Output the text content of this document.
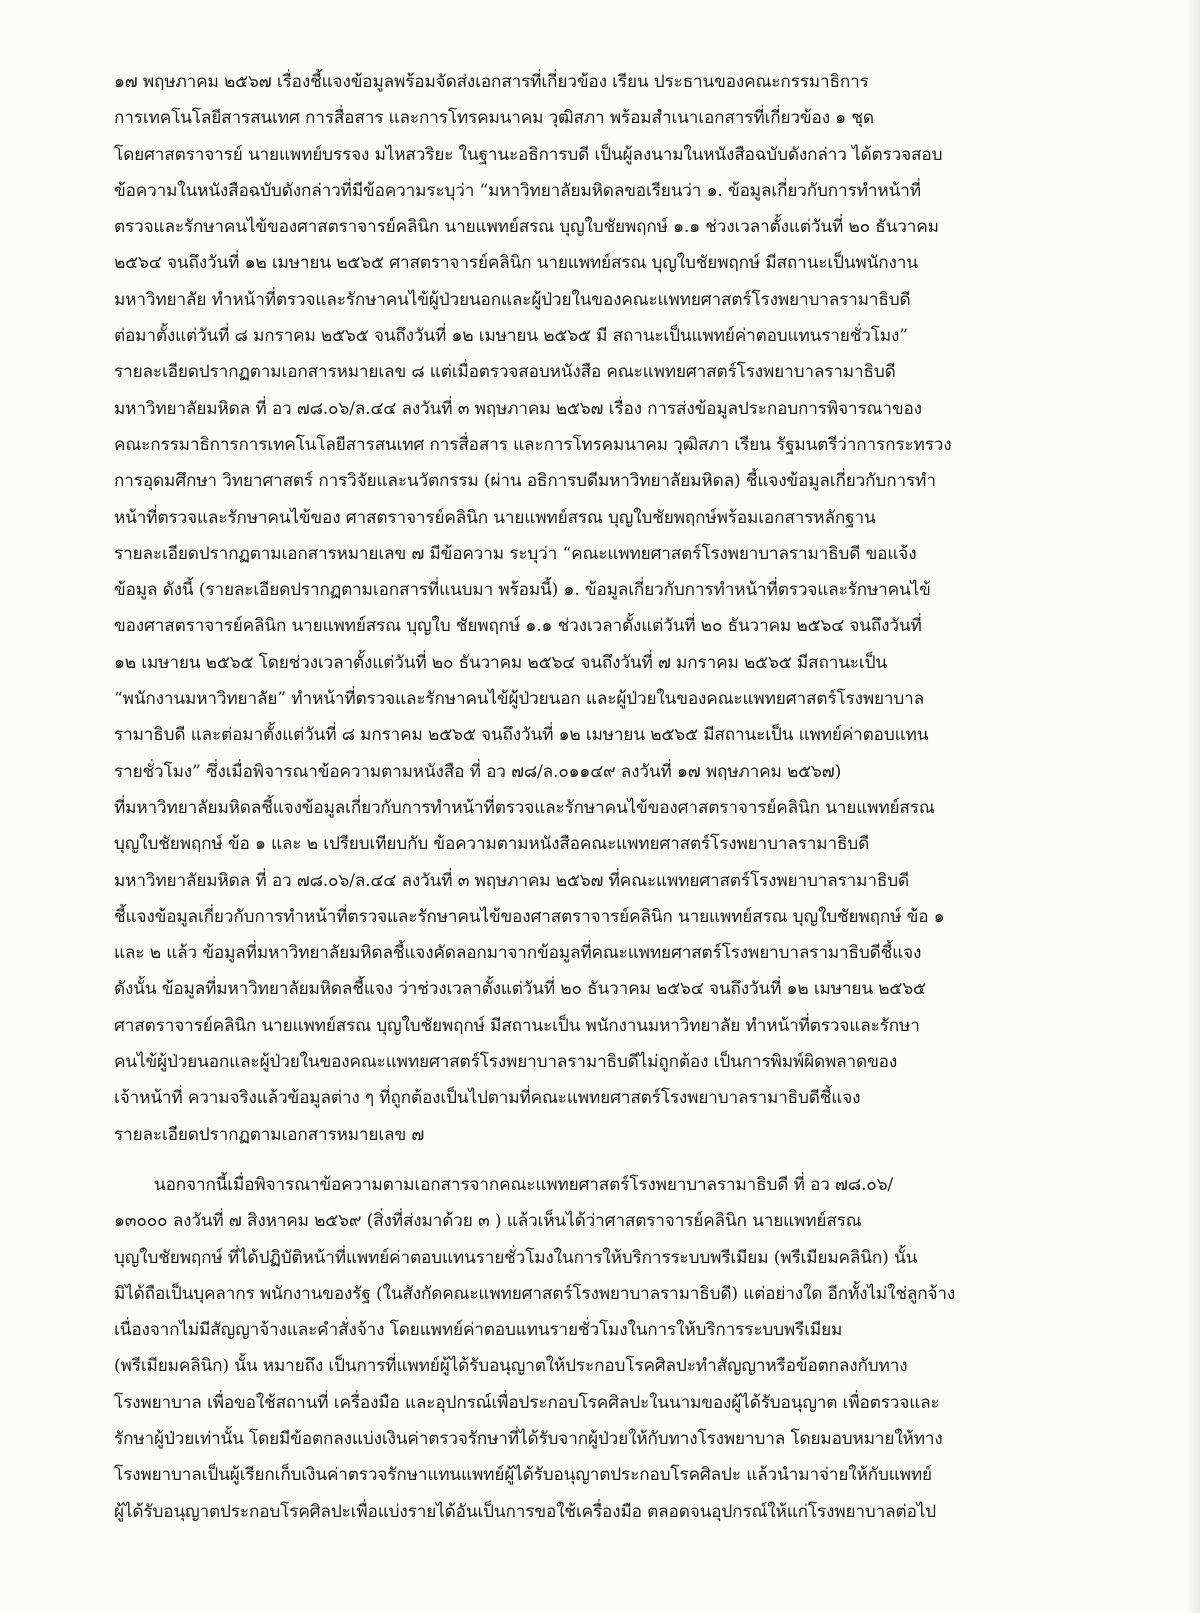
๑๗ พฤษภาคม ๒๕๖๗ เรื่องชี้แจงข้อมูลพร้อมจัดส่งเอกสารที่เกี่ยวข้อง เรียน ประธานของคณะกรรมาธิการ
การเทคโนโลยีสารสนเทศ การสื่อสาร และการโทรคมนาคม วุฒิสภา พร้อมสำเนาเอกสารที่เกี่ยวข้อง ๑ ชุด
โดยศาสตราจารย์ นายแพทย์บรรจง มไหสวริยะ ในฐานะอธิการบดี เป็นผู้ลงนามในหนังสือฉบับดังกล่าว ได้ตรวจสอบ
ข้อความในหนังสือฉบับดังกล่าวที่มีข้อความระบุว่า “มหาวิทยาลัยมหิดลขอเรียนว่า ๑. ข้อมูลเกี่ยวกับการทำหน้าที่
ตรวจและรักษาคนไข้ของศาสตราจารย์คลินิก นายแพทย์สรณ บุญใบชัยพฤกษ์ ๑.๑ ช่วงเวลาตั้งแต่วันที่ ๒๐ ธันวาคม
๒๕๖๔ จนถึงวันที่ ๑๒ เมษายน ๒๕๖๕ ศาสตราจารย์คลินิก นายแพทย์สรณ บุญใบชัยพฤกษ์ มีสถานะเป็นพนักงาน
มหาวิทยาลัย ทำหน้าที่ตรวจและรักษาคนไข้ผู้ป่วยนอกและผู้ป่วยในของคณะแพทยศาสตร์โรงพยาบาลรามาธิบดี
ต่อมาตั้งแต่วันที่ ๘ มกราคม ๒๕๖๕ จนถึงวันที่ ๑๒ เมษายน ๒๕๖๕ มี สถานะเป็นแพทย์ค่าตอบแทนรายชั่วโมง”
รายละเอียดปรากฏตามเอกสารหมายเลข ๘ แต่เมื่อตรวจสอบหนังสือ คณะแพทยศาสตร์โรงพยาบาลรามาธิบดี
มหาวิทยาลัยมหิดล ที่ อว ๗๘.๐๖/ล.๔๔ ลงวันที่ ๓ พฤษภาคม ๒๕๖๗ เรื่อง การส่งข้อมูลประกอบการพิจารณาของ
คณะกรรมาธิการการเทคโนโลยีสารสนเทศ การสื่อสาร และการโทรคมนาคม วุฒิสภา เรียน รัฐมนตรีว่าการกระทรวง
การอุดมศึกษา วิทยาศาสตร์ การวิจัยและนวัตกรรม (ผ่าน อธิการบดีมหาวิทยาลัยมหิดล) ชี้แจงข้อมูลเกี่ยวกับการทำ
หน้าที่ตรวจและรักษาคนไข้ของ ศาสตราจารย์คลินิก นายแพทย์สรณ บุญใบชัยพฤกษ์พร้อมเอกสารหลักฐาน
รายละเอียดปรากฏตามเอกสารหมายเลข ๗ มีข้อความ ระบุว่า “คณะแพทยศาสตร์โรงพยาบาลรามาธิบดี ขอแจ้ง
ข้อมูล ดังนี้ (รายละเอียดปรากฏตามเอกสารที่แนบมา พร้อมนี้) ๑. ข้อมูลเกี่ยวกับการทำหน้าที่ตรวจและรักษาคนไข้
ของศาสตราจารย์คลินิก นายแพทย์สรณ บุญใบ ชัยพฤกษ์ ๑.๑ ช่วงเวลาตั้งแต่วันที่ ๒๐ ธันวาคม ๒๕๖๔ จนถึงวันที่
๑๒ เมษายน ๒๕๖๕ โดยช่วงเวลาตั้งแต่วันที่ ๒๐ ธันวาคม ๒๕๖๔ จนถึงวันที่ ๗ มกราคม ๒๕๖๕ มีสถานะเป็น
“พนักงานมหาวิทยาลัย” ทำหน้าที่ตรวจและรักษาคนไข้ผู้ป่วยนอก และผู้ป่วยในของคณะแพทยศาสตร์โรงพยาบาล
รามาธิบดี และต่อมาตั้งแต่วันที่ ๘ มกราคม ๒๕๖๕ จนถึงวันที่ ๑๒ เมษายน ๒๕๖๕ มีสถานะเป็น แพทย์ค่าตอบแทน
รายชั่วโมง” ซึ่งเมื่อพิจารณาข้อความตามหนังสือ ที่ อว ๗๘/ล.๐๑๑๔๙ ลงวันที่ ๑๗ พฤษภาคม ๒๕๖๗)
ที่มหาวิทยาลัยมหิดลชี้แจงข้อมูลเกี่ยวกับการทำหน้าที่ตรวจและรักษาคนไข้ของศาสตราจารย์คลินิก นายแพทย์สรณ
บุญใบชัยพฤกษ์ ข้อ ๑ และ ๒ เปรียบเทียบกับ ข้อความตามหนังสือคณะแพทยศาสตร์โรงพยาบาลรามาธิบดี
มหาวิทยาลัยมหิดล ที่ อว ๗๘.๐๖/ล.๔๔ ลงวันที่ ๓ พฤษภาคม ๒๕๖๗ ที่คณะแพทยศาสตร์โรงพยาบาลรามาธิบดี
ชี้แจงข้อมูลเกี่ยวกับการทำหน้าที่ตรวจและรักษาคนไข้ของศาสตราจารย์คลินิก นายแพทย์สรณ บุญใบชัยพฤกษ์ ข้อ ๑
และ ๒ แล้ว ข้อมูลที่มหาวิทยาลัยมหิดลชี้แจงคัดลอกมาจากข้อมูลที่คณะแพทยศาสตร์โรงพยาบาลรามาธิบดีชี้แจง
ดังนั้น ข้อมูลที่มหาวิทยาลัยมหิดลชี้แจง ว่าช่วงเวลาตั้งแต่วันที่ ๒๐ ธันวาคม ๒๕๖๔ จนถึงวันที่ ๑๒ เมษายน ๒๕๖๕
ศาสตราจารย์คลินิก นายแพทย์สรณ บุญใบชัยพฤกษ์ มีสถานะเป็น พนักงานมหาวิทยาลัย ทำหน้าที่ตรวจและรักษา
คนไข้ผู้ป่วยนอกและผู้ป่วยในของคณะแพทยศาสตร์โรงพยาบาลรามาธิบดีไม่ถูกต้อง เป็นการพิมพ์ผิดพลาดของ
เจ้าหน้าที่ ความจริงแล้วข้อมูลต่าง ๆ ที่ถูกต้องเป็นไปตามที่คณะแพทยศาสตร์โรงพยาบาลรามาธิบดีชี้แจง
รายละเอียดปรากฏตามเอกสารหมายเลข ๗
นอกจากนี้เมื่อพิจารณาข้อความตามเอกสารจากคณะแพทยศาสตร์โรงพยาบาลรามาธิบดี ที่ อว ๗๘.๐๖/
๑๓๐๐๐ ลงวันที่ ๗ สิงหาคม ๒๕๖๙ (สิ่งที่ส่งมาด้วย ๓ ) แล้วเห็นได้ว่าศาสตราจารย์คลินิก นายแพทย์สรณ
บุญใบชัยพฤกษ์ ที่ได้ปฏิบัติหน้าที่แพทย์ค่าตอบแทนรายชั่วโมงในการให้บริการระบบพรีเมียม (พรีเมียมคลินิก) นั้น
มิได้ถือเป็นบุคลากร พนักงานของรัฐ (ในสังกัดคณะแพทยศาสตร์โรงพยาบาลรามาธิบดี) แต่อย่างใด อีกทั้งไม่ใช่ลูกจ้าง
เนื่องจากไม่มีสัญญาจ้างและคำสั่งจ้าง โดยแพทย์ค่าตอบแทนรายชั่วโมงในการให้บริการระบบพรีเมียม
(พรีเมียมคลินิก) นั้น หมายถึง เป็นการที่แพทย์ผู้ได้รับอนุญาตให้ประกอบโรคศิลปะทำสัญญาหรือข้อตกลงกับทาง
โรงพยาบาล เพื่อขอใช้สถานที่ เครื่องมือ และอุปกรณ์เพื่อประกอบโรคศิลปะในนามของผู้ได้รับอนุญาต เพื่อตรวจและ
รักษาผู้ป่วยเท่านั้น โดยมีข้อตกลงแบ่งเงินค่าตรวจรักษาที่ได้รับจากผู้ป่วยให้กับทางโรงพยาบาล โดยมอบหมายให้ทาง
โรงพยาบาลเป็นผู้เรียกเก็บเงินค่าตรวจรักษาแทนแพทย์ผู้ได้รับอนุญาตประกอบโรคศิลปะ แล้วนำมาจ่ายให้กับแพทย์
ผู้ได้รับอนุญาตประกอบโรคศิลปะเพื่อแบ่งรายได้อันเป็นการขอใช้เครื่องมือ ตลอดจนอุปกรณ์ให้แก่โรงพยาบาลต่อไป
